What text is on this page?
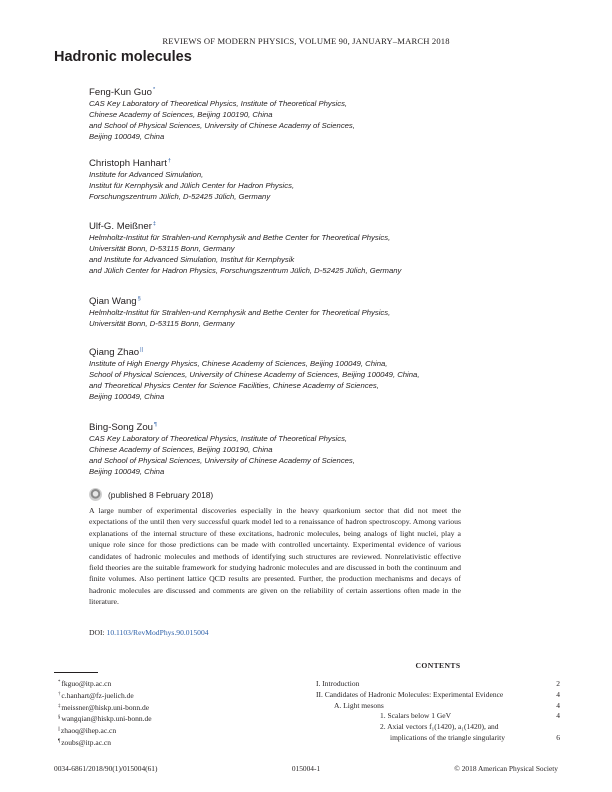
REVIEWS OF MODERN PHYSICS, VOLUME 90, JANUARY–MARCH 2018
Hadronic molecules
Feng-Kun Guo*
CAS Key Laboratory of Theoretical Physics, Institute of Theoretical Physics,
Chinese Academy of Sciences, Beijing 100190, China
and School of Physical Sciences, University of Chinese Academy of Sciences,
Beijing 100049, China
Christoph Hanhart†
Institute for Advanced Simulation,
Institut für Kernphysik and Jülich Center for Hadron Physics,
Forschungszentrum Jülich, D-52425 Jülich, Germany
Ulf-G. Meißner‡
Helmholtz-Institut für Strahlen-und Kernphysik and Bethe Center for Theoretical Physics,
Universität Bonn, D-53115 Bonn, Germany
and Institute for Advanced Simulation, Institut für Kernphysik
and Jülich Center for Hadron Physics, Forschungszentrum Jülich, D-52425 Jülich, Germany
Qian Wang§
Helmholtz-Institut für Strahlen-und Kernphysik and Bethe Center for Theoretical Physics,
Universität Bonn, D-53115 Bonn, Germany
Qiang Zhao||
Institute of High Energy Physics, Chinese Academy of Sciences, Beijing 100049, China,
School of Physical Sciences, University of Chinese Academy of Sciences, Beijing 100049, China,
and Theoretical Physics Center for Science Facilities, Chinese Academy of Sciences,
Beijing 100049, China
Bing-Song Zou¶
CAS Key Laboratory of Theoretical Physics, Institute of Theoretical Physics,
Chinese Academy of Sciences, Beijing 100190, China
and School of Physical Sciences, University of Chinese Academy of Sciences,
Beijing 100049, China
(published 8 February 2018)

A large number of experimental discoveries especially in the heavy quarkonium sector that did not meet the expectations of the until then very successful quark model led to a renaissance of hadron spectroscopy. Among various explanations of the internal structure of these excitations, hadronic molecules, being analogs of light nuclei, play a unique role since for those predictions can be made with controlled uncertainty. Experimental evidence of various candidates of hadronic molecules and methods of identifying such structures are reviewed. Nonrelativistic effective field theories are the suitable framework for studying hadronic molecules and are discussed in both the continuum and finite volumes. Also pertinent lattice QCD results are presented. Further, the production mechanisms and decays of hadronic molecules are discussed and comments are given on the reliability of certain assertions often made in the literature.

DOI: 10.1103/RevModPhys.90.015004
*fkguo@itp.ac.cn
†c.hanhart@fz-juelich.de
‡meissner@hiskp.uni-bonn.de
§wangqian@hiskp.uni-bonn.de
||zhaoq@ihep.ac.cn
¶zoubs@itp.ac.cn
CONTENTS
I. Introduction	2
II. Candidates of Hadronic Molecules: Experimental Evidence	4
A. Light mesons	4
1. Scalars below 1 GeV	4
2. Axial vectors f₁(1420), a₁(1420), and
implications of the triangle singularity	6
0034-6861/2018/90(1)/015004(61)	015004-1	© 2018 American Physical Society
